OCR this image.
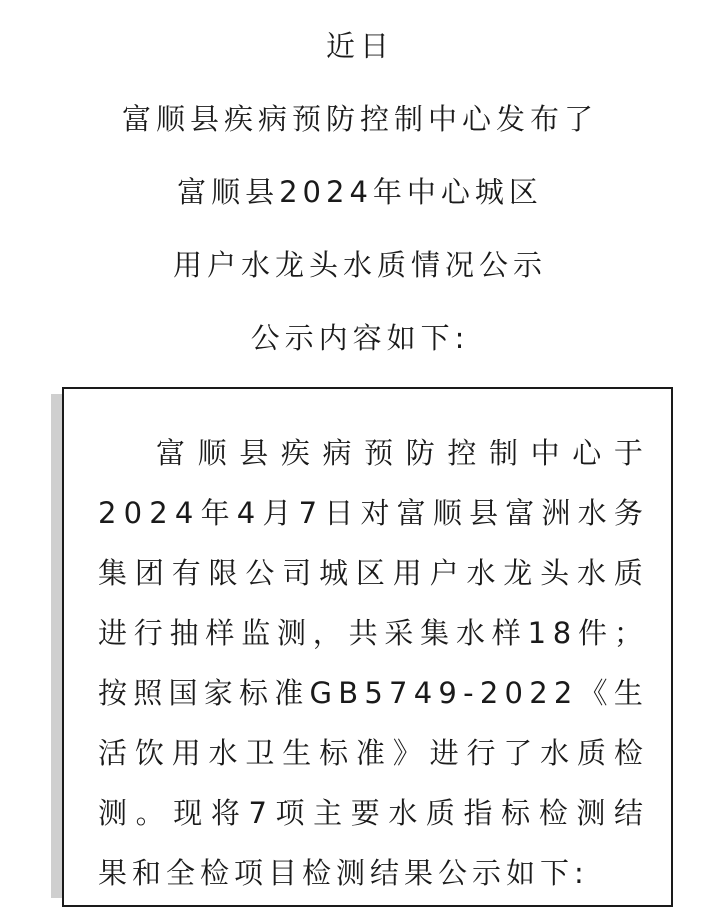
近日
富顺县疾病预防控制中心发布了
富顺县2024年中心城区
用户水龙头水质情况公示
公示内容如下:
富 顺 县 疾 病 预 防 控 制 中 心 于
2 0 2 4 年 4 月 7 日 对 富 顺 县 富 洲 水 务
集 团 有 限 公 司 城 区 用 户 水 龙 头 水 质
进 行 抽 样 监 测 ， 共 采 集 水 样 1 8 件 ；
按 照 国 家 标 准 G B 5 7 4 9 - 2 0 2 2 《 生
活 饮 用 水 卫 生 标 准 》 进 行 了 水 质 检
测 。 现 将 7 项 主 要 水 质 指 标 检 测 结
果和全检项目检测结果公示如下:
